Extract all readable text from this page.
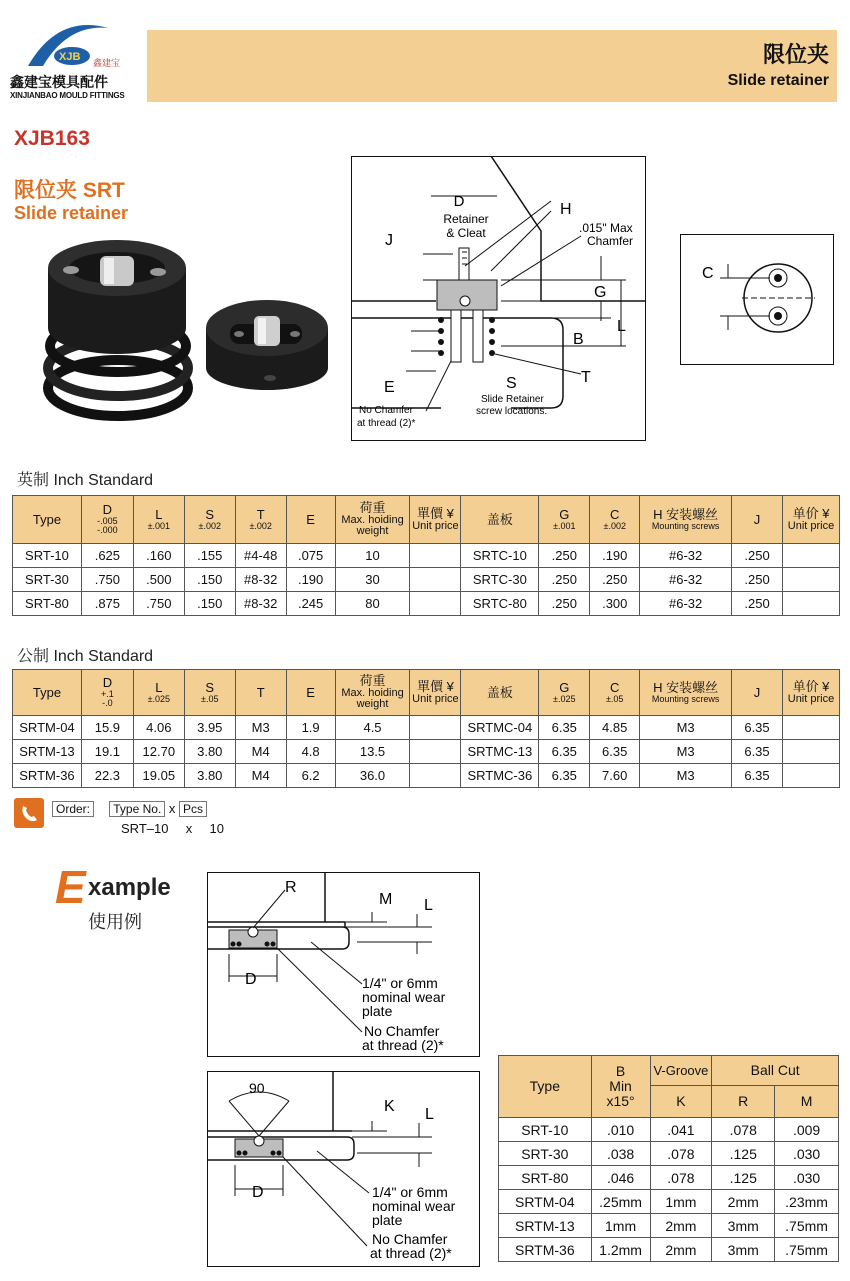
XJB
鑫建宝
鑫建宝模具配件
XINJIANBAO MOULD FITTINGS
限位夹
Slide retainer
XJB163
限位夹 SRT
Slide retainer
D	H
J
G
L
B
T
E	S
Retainer
& Cleat	.015" Max
Chamfer
Slide Retainer
screw locations.
No Chamfer
at thread (2)*
C
英制 Inch Standard
Type	D
-.005
-.000	L
±.001	S
±.002	T
±.002	E	荷重
Max. hoiding
weight	單價 ¥
Unit price	盖板	G
±.001	C
±.002	H 安装螺丝
Mounting screws	J	单价 ¥
Unit price

SRT-10	.625	.160	.155	#4-48	.075	10		SRTC-10	.250	.190	#6-32	.250	
SRT-30	.750	.500	.150	#8-32	.190	30		SRTC-30	.250	.250	#6-32	.250	
SRT-80	.875	.750	.150	#8-32	.245	80		SRTC-80	.250	.300	#6-32	.250	
公制 Inch Standard
Type	D
+.1
-.0	L
±.025	S
±.05	T	E	荷重
Max. hoiding
weight	單價 ¥
Unit price	盖板	G
±.025	C
±.05	H 安装螺丝
Mounting screws	J	单价 ¥
Unit price

SRTM-04	15.9	4.06	3.95	M3	1.9	4.5		SRTMC-04	6.35	4.85	M3	6.35	
SRTM-13	19.1	12.70	3.80	M4	4.8	13.5		SRTMC-13	6.35	6.35	M3	6.35	
SRTM-36	22.3	19.05	3.80	M4	6.2	36.0		SRTMC-36	6.35	7.60	M3	6.35	
Order: Type No. x Pcs
SRT–10 x 10
E xample
使用例
R
M L
D	1/4" or 6mm
nominal wear
plate
No Chamfer
at thread (2)*
90
K L
D	1/4" or 6mm
nominal wear
plate
No Chamfer
at thread (2)*
Type	B
Min
x15°	V-Groove	Ball Cut	
		K	R	M
SRT-10	.010	.041	.078	.009
SRT-30	.038	.078	.125	.030
SRT-80	.046	.078	.125	.030
SRTM-04	.25mm	1mm	2mm	.23mm
SRTM-13	1mm	2mm	3mm	.75mm
SRTM-36	1.2mm	2mm	3mm	.75mm
